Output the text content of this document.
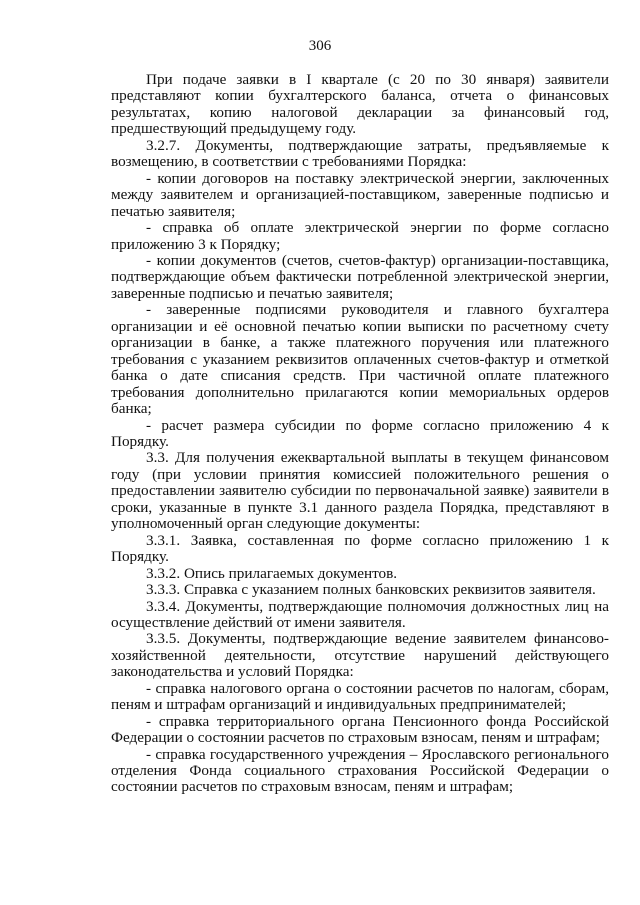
306

При подаче заявки в I квартале (с 20 по 30 января) заявители представляют копии бухгалтерского баланса, отчета о финансовых результатах, копию налоговой декларации за финансовый год, предшествующий предыдущему году.

3.2.7. Документы, подтверждающие затраты, предъявляемые к возмещению, в соответствии с требованиями Порядка:

- копии договоров на поставку электрической энергии, заключенных между заявителем и организацией-поставщиком, заверенные подписью и печатью заявителя;

- справка об оплате электрической энергии по форме согласно приложению 3 к Порядку;

- копии документов (счетов, счетов-фактур) организации-поставщика, подтверждающие объем фактически потребленной электрической энергии, заверенные подписью и печатью заявителя;

- заверенные подписями руководителя и главного бухгалтера организации и её основной печатью копии выписки по расчетному счету организации в банке, а также платежного поручения или платежного требования с указанием реквизитов оплаченных счетов-фактур и отметкой банка о дате списания средств. При частичной оплате платежного требования дополнительно прилагаются копии мемориальных ордеров банка;

- расчет размера субсидии по форме согласно приложению 4 к Порядку.

3.3. Для получения ежеквартальной выплаты в текущем финансовом году (при условии принятия комиссией положительного решения о предоставлении заявителю субсидии по первоначальной заявке) заявители в сроки, указанные в пункте 3.1 данного раздела Порядка, представляют в уполномоченный орган следующие документы:

3.3.1. Заявка, составленная по форме согласно приложению 1 к Порядку.

3.3.2. Опись прилагаемых документов.

3.3.3. Справка с указанием полных банковских реквизитов заявителя.

3.3.4. Документы, подтверждающие полномочия должностных лиц на осуществление действий от имени заявителя.

3.3.5. Документы, подтверждающие ведение заявителем финансово-хозяйственной деятельности, отсутствие нарушений действующего законодательства и условий Порядка:

- справка налогового органа о состоянии расчетов по налогам, сборам, пеням и штрафам организаций и индивидуальных предпринимателей;

- справка территориального органа Пенсионного фонда Российской Федерации о состоянии расчетов по страховым взносам, пеням и штрафам;

- справка государственного учреждения – Ярославского регионального отделения Фонда социального страхования Российской Федерации о состоянии расчетов по страховым взносам, пеням и штрафам;
